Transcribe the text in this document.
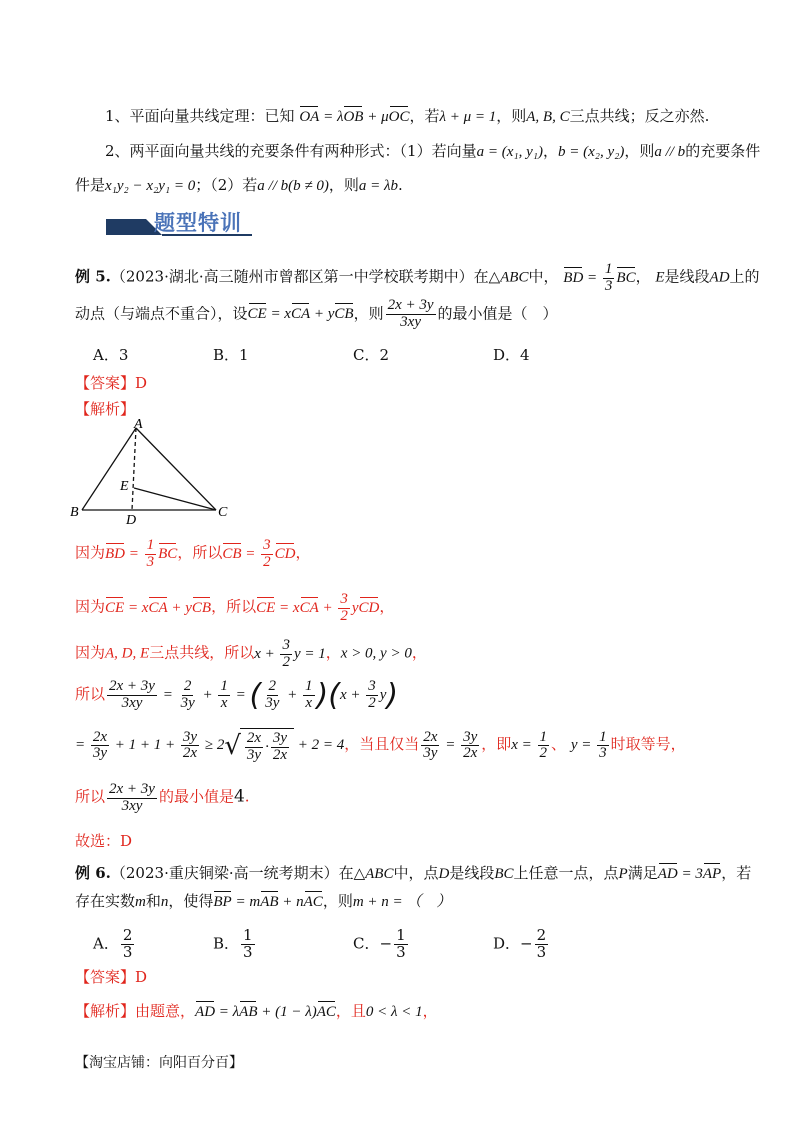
1、平面向量共线定理：已知 OA = λOB + μOC，若λ + μ = 1，则A, B, C三点共线；反之亦然.
2、两平面向量共线的充要条件有两种形式：（1）若向量a = (x₁, y₁)，b = (x₂, y₂)，则a // b的充要条件
件是x₁y₂ − x₂y₁ = 0；（2）若a // b(b ≠ 0)，则a = λb.
题型特训
例 5.（2023·湖北·高三随州市曾都区第一中学校联考期中）在△ABC中， BD = $\frac{1}{3}$ BC， E是线段AD上的
动点（与端点不重合），设CE = xCA + yCB，则 $\frac{2x + 3y}{3xy}$ 的最小值是（　）
A．3	B．1	C．2	D．4
【答案】D
【解析】
A
B	C
D
E
因为BD = $\frac{1}{3}$ BC，所以CB = $\frac{3}{2}$ CD，
因为CE = xCA + yCB，所以CE = xCA + $\frac{3}{2}$ yCD，
因为A, D, E三点共线，所以$x + \frac{3}{2}$ y = 1，x > 0, y > 0，
所以 $\frac{2x + 3y}{3xy} = \frac{2}{3y} + \frac{1}{x}$ = ( $\frac{2}{3y} + \frac{1}{x} )(x + \frac{3}{2} y)$
= $\frac{2x}{3y} + 1 + 1 + \frac{3y}{2x} \ge 2$ √ $\frac{2x}{3y} \cdot \frac{3y}{2x} + 2 = 4$，当且仅当 $\frac{2x}{3y} = \frac{3y}{2x}$ ，即$x = \frac{1}{2}$ 、 $y = \frac{1}{3}$ 时取等号，
所以 $\frac{2x + 3y}{3xy}$ 的最小值是4.
故选：D
例 6.（2023·重庆铜梁·高一统考期末）在△ABC中，点D是线段BC上任意一点，点P满足AD = 3AP，若
存在实数m和n，使得BP = mAB + nAC，则m + n = （　）
A． $\frac{2}{3}$	B． $\frac{1}{3}$	C．− $\frac{1}{3}$	D．− $\frac{2}{3}$
【答案】D
【解析】由题意，AD = λAB + (1 − λ)AC，且0 < λ < 1，
【淘宝店铺：向阳百分百】
